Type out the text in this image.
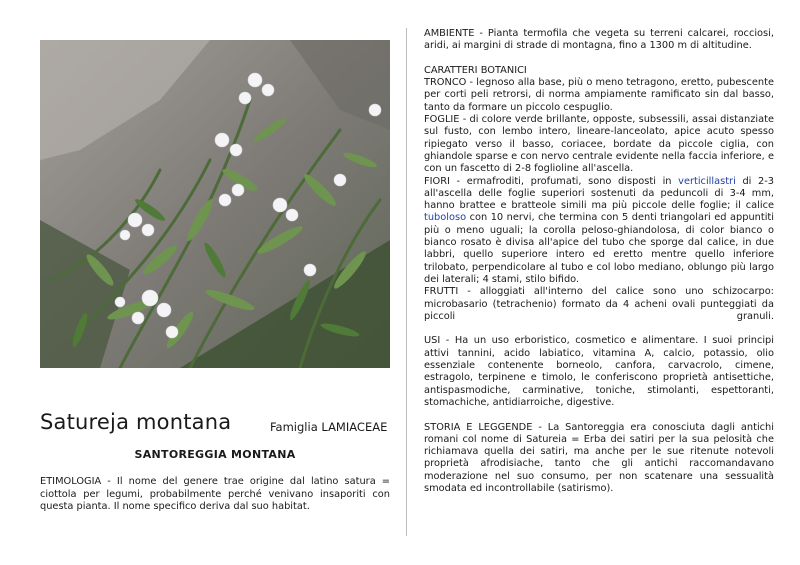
Satureja montana	Famiglia LAMIACEAE
SANTOREGGIA MONTANA
ETIMOLOGIA - Il nome del genere trae origine dal latino satura = ciottola per legumi, probabilmente perché venivano insaporiti con questa pianta. Il nome specifico deriva dal suo habitat.

AMBIENTE - Pianta termofila che vegeta su terreni calcarei, rocciosi, aridi, ai margini di strade di montagna, fino a 1300 m di altitudine.

CARATTERI BOTANICI

TRONCO - legnoso alla base, più o meno tetragono, eretto, pubescente per corti peli retrorsi, di norma ampiamente ramificato sin dal basso, tanto da formare un piccolo cespuglio.

FOGLIE - di colore verde brillante, opposte, subsessili, assai distanziate sul fusto, con lembo intero, lineare-lanceolato, apice acuto spesso ripiegato verso il basso, coriacee, bordate da piccole ciglia, con ghiandole sparse e con nervo centrale evidente nella faccia inferiore, e con un fascetto di 2-8 foglioline all'ascella.

FIORI - ermafroditi, profumati, sono disposti in verticillastri di 2-3 all'ascella delle foglie superiori sostenuti da peduncoli di 3-4 mm, hanno brattee e bratteole simili ma più piccole delle foglie; il calice tuboloso con 10 nervi, che termina con 5 denti triangolari ed appuntiti più o meno uguali; la corolla peloso-ghiandolosa, di color bianco o bianco rosato è divisa all'apice del tubo che sporge dal calice, in due labbri, quello superiore intero ed eretto mentre quello inferiore trilobato, perpendicolare al tubo e col lobo mediano, oblungo più largo dei laterali; 4 stami, stilo bifido.

FRUTTI - alloggiati all'interno del calice sono uno schizocarpo: microbasario (tetrachenio) formato da 4 acheni ovali punteggiati da piccoli granuli.

USI - Ha un uso erboristico, cosmetico e alimentare. I suoi principi attivi tannini, acido labiatico, vitamina A, calcio, potassio, olio essenziale contenente borneolo, canfora, carvacrolo, cimene, estragolo, terpinene e timolo, le conferiscono proprietà antisettiche, antispasmodiche, carminative, toniche, stimolanti, espettoranti, stomachiche, antidiarroiche, digestive.

STORIA E LEGGENDE - La Santoreggia era conosciuta dagli antichi romani col nome di Satureia = Erba dei satiri per la sua pelosità che richiamava quella dei satiri, ma anche per le sue ritenute notevoli proprietà afrodisiache, tanto che gli antichi raccomandavano moderazione nel suo consumo, per non scatenare una sessualità smodata ed incontrollabile (satirismo).
